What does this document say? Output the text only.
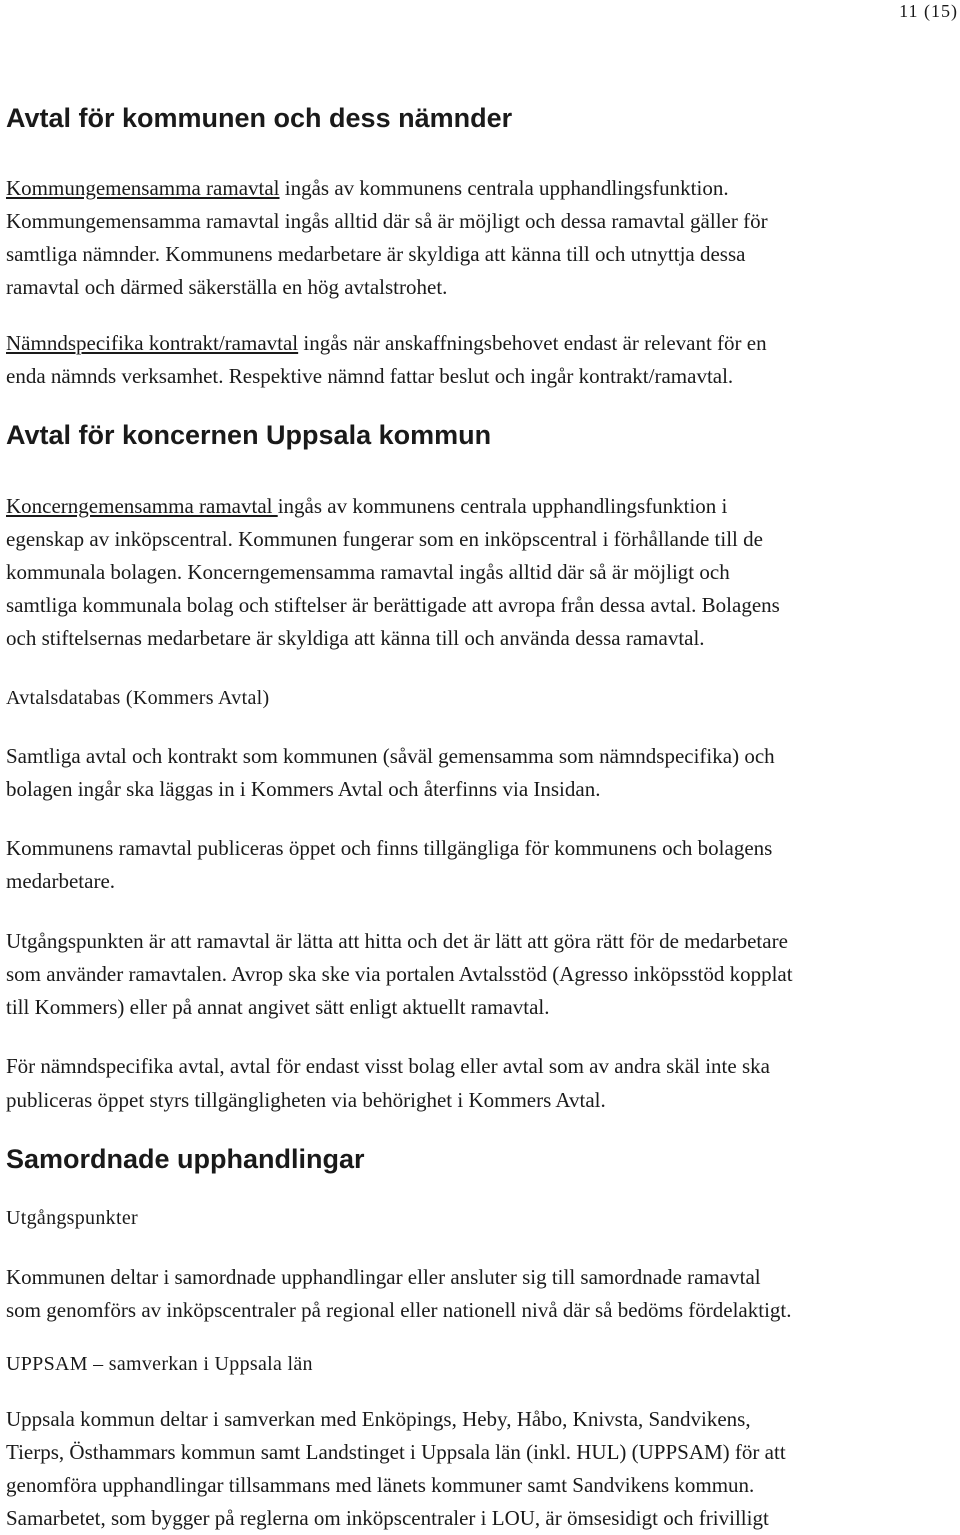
11 (15)
Avtal för kommunen och dess nämnder

Kommungemensamma ramavtal ingås av kommunens centrala upphandlingsfunktion.

Kommungemensamma ramavtal ingås alltid där så är möjligt och dessa ramavtal gäller för

samtliga nämnder. Kommunens medarbetare är skyldiga att känna till och utnyttja dessa

ramavtal och därmed säkerställa en hög avtalstrohet.

Nämndspecifika kontrakt/ramavtal ingås när anskaffningsbehovet endast är relevant för en

enda nämnds verksamhet. Respektive nämnd fattar beslut och ingår kontrakt/ramavtal.

Avtal för koncernen Uppsala kommun

Koncerngemensamma ramavtal ingås av kommunens centrala upphandlingsfunktion i

egenskap av inköpscentral. Kommunen fungerar som en inköpscentral i förhållande till de

kommunala bolagen. Koncerngemensamma ramavtal ingås alltid där så är möjligt och

samtliga kommunala bolag och stiftelser är berättigade att avropa från dessa avtal. Bolagens

och stiftelsernas medarbetare är skyldiga att känna till och använda dessa ramavtal.

Avtalsdatabas (Kommers Avtal)

Samtliga avtal och kontrakt som kommunen (såväl gemensamma som nämndspecifika) och

bolagen ingår ska läggas in i Kommers Avtal och återfinns via Insidan.

Kommunens ramavtal publiceras öppet och finns tillgängliga för kommunens och bolagens

medarbetare.

Utgångspunkten är att ramavtal är lätta att hitta och det är lätt att göra rätt för de medarbetare

som använder ramavtalen. Avrop ska ske via portalen Avtalsstöd (Agresso inköpsstöd kopplat

till Kommers) eller på annat angivet sätt enligt aktuellt ramavtal.

För nämndspecifika avtal, avtal för endast visst bolag eller avtal som av andra skäl inte ska

publiceras öppet styrs tillgängligheten via behörighet i Kommers Avtal.

Samordnade upphandlingar

Utgångspunkter

Kommunen deltar i samordnade upphandlingar eller ansluter sig till samordnade ramavtal

som genomförs av inköpscentraler på regional eller nationell nivå där så bedöms fördelaktigt.

UPPSAM – samverkan i Uppsala län

Uppsala kommun deltar i samverkan med Enköpings, Heby, Håbo, Knivsta, Sandvikens,

Tierps, Östhammars kommun samt Landstinget i Uppsala län (inkl. HUL) (UPPSAM) för att

genomföra upphandlingar tillsammans med länets kommuner samt Sandvikens kommun.

Samarbetet, som bygger på reglerna om inköpscentraler i LOU, är ömsesidigt och frivilligt
